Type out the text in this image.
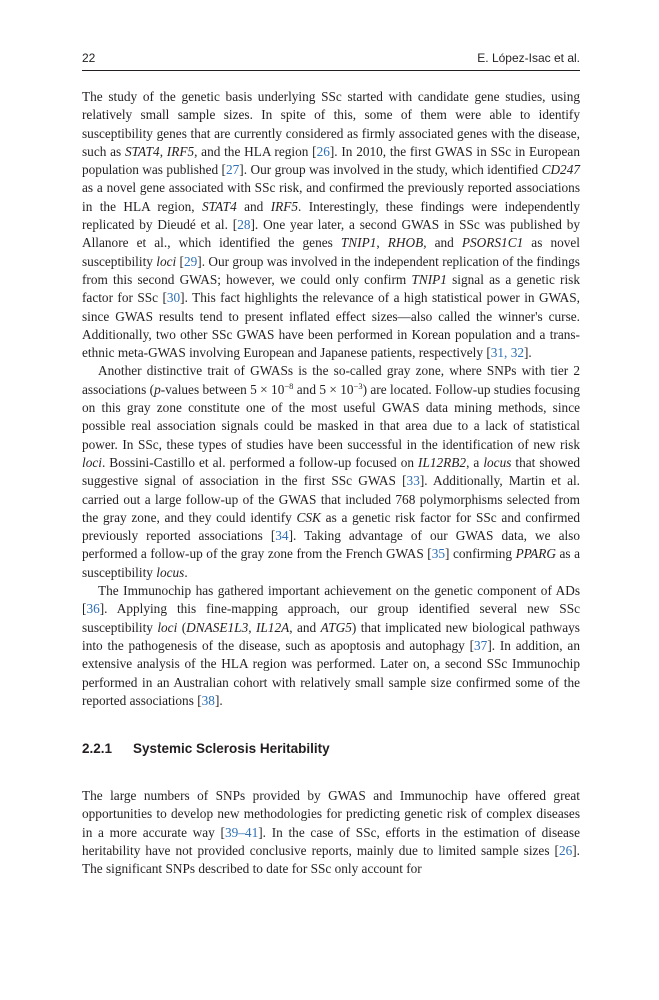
22	E. López-Isac et al.

The study of the genetic basis underlying SSc started with candidate gene studies, using relatively small sample sizes. In spite of this, some of them were able to identify susceptibility genes that are currently considered as firmly associated genes with the disease, such as STAT4, IRF5, and the HLA region [26]. In 2010, the first GWAS in SSc in European population was published [27]. Our group was involved in the study, which identified CD247 as a novel gene associated with SSc risk, and confirmed the previously reported associations in the HLA region, STAT4 and IRF5. Interestingly, these findings were independently replicated by Dieudé et al. [28]. One year later, a second GWAS in SSc was published by Allanore et al., which identified the genes TNIP1, RHOB, and PSORS1C1 as novel susceptibility loci [29]. Our group was involved in the independent replication of the findings from this second GWAS; however, we could only confirm TNIP1 signal as a genetic risk factor for SSc [30]. This fact highlights the relevance of a high statistical power in GWAS, since GWAS results tend to present inflated effect sizes—also called the winner's curse. Additionally, two other SSc GWAS have been performed in Korean population and a trans-ethnic meta-GWAS involving European and Japanese patients, respectively [31, 32].

Another distinctive trait of GWASs is the so-called gray zone, where SNPs with tier 2 associations (p-values between $5 \times 10^{-8}$ and $5 \times 10^{-3}$) are located. Follow-up studies focusing on this gray zone constitute one of the most useful GWAS data mining methods, since possible real association signals could be masked in that area due to a lack of statistical power. In SSc, these types of studies have been successful in the identification of new risk loci. Bossini-Castillo et al. performed a follow-up focused on IL12RB2, a locus that showed suggestive signal of association in the first SSc GWAS [33]. Additionally, Martin et al. carried out a large follow-up of the GWAS that included 768 polymorphisms selected from the gray zone, and they could identify CSK as a genetic risk factor for SSc and confirmed previously reported associations [34]. Taking advantage of our GWAS data, we also performed a follow-up of the gray zone from the French GWAS [35] confirming PPARG as a susceptibility locus.

The Immunochip has gathered important achievement on the genetic component of ADs [36]. Applying this fine-mapping approach, our group identified several new SSc susceptibility loci (DNASE1L3, IL12A, and ATG5) that implicated new biological pathways into the pathogenesis of the disease, such as apoptosis and autophagy [37]. In addition, an extensive analysis of the HLA region was performed. Later on, a second SSc Immunochip performed in an Australian cohort with relatively small sample size confirmed some of the reported associations [38].

2.2.1 Systemic Sclerosis Heritability

The large numbers of SNPs provided by GWAS and Immunochip have offered great opportunities to develop new methodologies for predicting genetic risk of complex diseases in a more accurate way [39–41]. In the case of SSc, efforts in the estimation of disease heritability have not provided conclusive reports, mainly due to limited sample sizes [26]. The significant SNPs described to date for SSc only account for
